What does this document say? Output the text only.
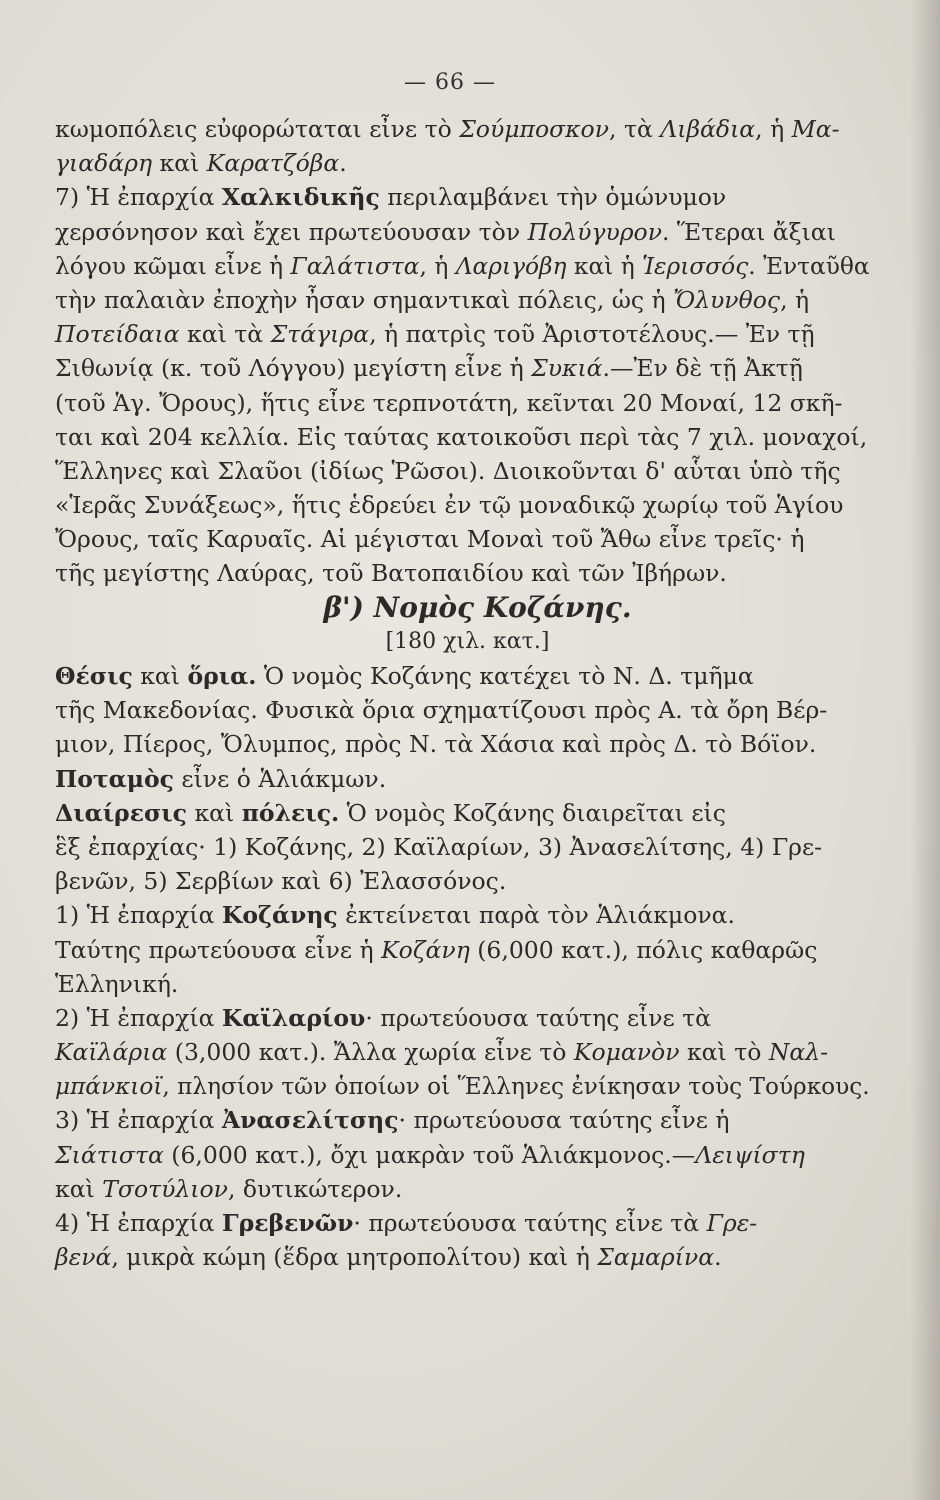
— 66 —
κωμοπόλεις εὐφορώταται εἶνε τὸ Σούμποσκον, τὰ Λιβάδια, ἡ Μα-
γιαδάρη καὶ Καρατζόβα.
7) Ἡ ἐπαρχία Χαλκιδικῆς περιλαμβάνει τὴν ὁμώνυμον
χερσόνησον καὶ ἔχει πρωτεύουσαν τὸν Πολύγυρον. Ἕτεραι ἄξιαι
λόγου κῶμαι εἶνε ἡ Γαλάτιστα, ἡ Λαριγόβη καὶ ἡ Ἱερισσός. Ἐνταῦθα
τὴν παλαιὰν ἐποχὴν ἦσαν σημαντικαὶ πόλεις, ὡς ἡ Ὄλυνθος, ἡ
Ποτείδαια καὶ τὰ Στάγιρα, ἡ πατρὶς τοῦ Ἀριστοτέλους.— Ἐν τῇ
Σιθωνίᾳ (κ. τοῦ Λόγγου) μεγίστη εἶνε ἡ Συκιά.—Ἐν δὲ τῇ Ἀκτῇ
(τοῦ Ἁγ. Ὄρους), ἥτις εἶνε τερπνοτάτη, κεῖνται 20 Μοναί, 12 σκῆ-
ται καὶ 204 κελλία. Εἰς ταύτας κατοικοῦσι περὶ τὰς 7 χιλ. μοναχοί,
Ἕλληνες καὶ Σλαῦοι (ἰδίως Ῥῶσοι). Διοικοῦνται δ' αὗται ὑπὸ τῆς
«Ἱερᾶς Συνάξεως», ἥτις ἑδρεύει ἐν τῷ μοναδικῷ χωρίῳ τοῦ Ἁγίου
Ὄρους, ταῖς Καρυαῖς. Αἱ μέγισται Μοναὶ τοῦ Ἄθω εἶνε τρεῖς· ἡ
τῆς μεγίστης Λαύρας, τοῦ Βατοπαιδίου καὶ τῶν Ἰβήρων.
β') Νομὸς Κοζάνης.
[180 χιλ. κατ.]
Θέσις καὶ ὅρια. Ὁ νομὸς Κοζάνης κατέχει τὸ Ν. Δ. τμῆμα
τῆς Μακεδονίας. Φυσικὰ ὅρια σχηματίζουσι πρὸς Α. τὰ ὄρη Βέρ-
μιον, Πίερος, Ὄλυμπος, πρὸς Ν. τὰ Χάσια καὶ πρὸς Δ. τὸ Βόϊον.
Ποταμὸς εἶνε ὁ Ἁλιάκμων.
Διαίρεσις καὶ πόλεις. Ὁ νομὸς Κοζάνης διαιρεῖται εἰς
ἓξ ἐπαρχίας· 1) Κοζάνης, 2) Καϊλαρίων, 3) Ἀνασελίτσης, 4) Γρε-
βενῶν, 5) Σερβίων καὶ 6) Ἐλασσόνος.
1) Ἡ ἐπαρχία Κοζάνης ἐκτείνεται παρὰ τὸν Ἁλιάκμονα.
Ταύτης πρωτεύουσα εἶνε ἡ Κοζάνη (6,000 κατ.), πόλις καθαρῶς
Ἑλληνική.
2) Ἡ ἐπαρχία Καϊλαρίου· πρωτεύουσα ταύτης εἶνε τὰ
Καϊλάρια (3,000 κατ.). Ἄλλα χωρία εἶνε τὸ Κομανὸν καὶ τὸ Ναλ-
μπάνκιοϊ, πλησίον τῶν ὁποίων οἱ Ἕλληνες ἐνίκησαν τοὺς Τούρκους.
3) Ἡ ἐπαρχία Ἀνασελίτσης· πρωτεύουσα ταύτης εἶνε ἡ
Σιάτιστα (6,000 κατ.), ὄχι μακρὰν τοῦ Ἁλιάκμονος.—Λειψίστη
καὶ Τσοτύλιον, δυτικώτερον.
4) Ἡ ἐπαρχία Γρεβενῶν· πρωτεύουσα ταύτης εἶνε τὰ Γρε-
βενά, μικρὰ κώμη (ἕδρα μητροπολίτου) καὶ ἡ Σαμαρίνα.
